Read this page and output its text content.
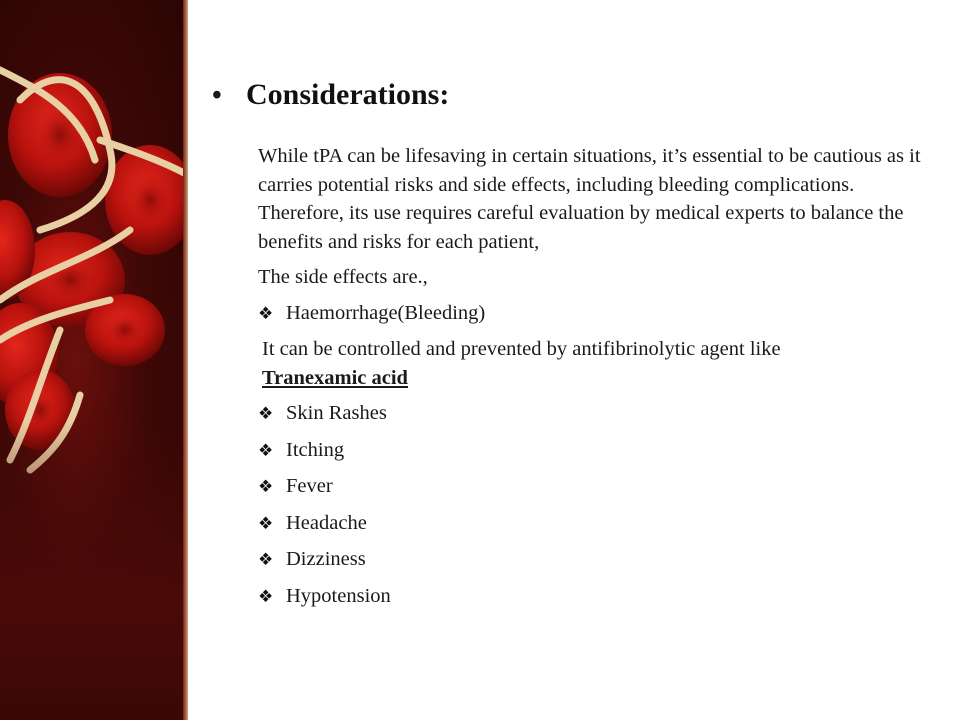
• Considerations:

While tPA can be lifesaving in certain situations, it’s essential to be cautious as it carries potential risks and side effects, including bleeding complications. Therefore, its use requires careful evaluation by medical experts to balance the benefits and risks for each patient,

The side effects are.,

❖ Haemorrhage(Bleeding)
It can be controlled and prevented by antifibrinolytic agent like
Tranexamic acid
❖ Skin Rashes
❖ Itching
❖ Fever
❖ Headache
❖ Dizziness
❖ Hypotension
